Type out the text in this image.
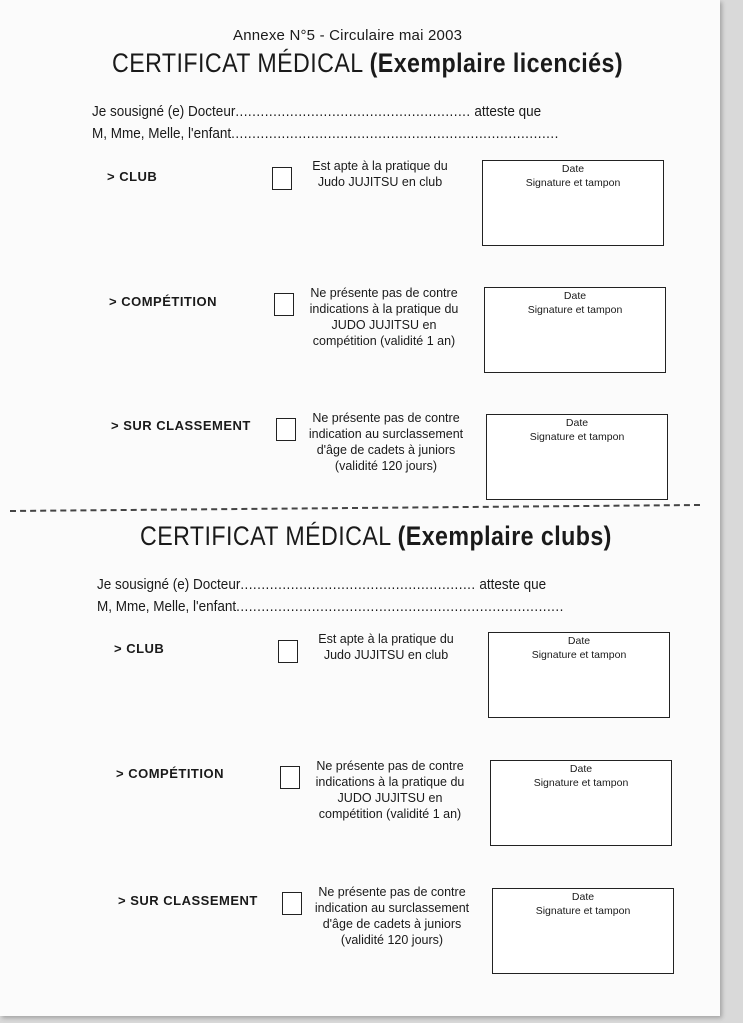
Annexe N°5 - Circulaire mai 2003
CERTIFICAT MÉDICAL (Exemplaire licenciés)
Je sousigné (e) Docteur........................................................ atteste que
M, Mme, Melle, l'enfant..............................................................................
> CLUB
Est apte à la pratique du
Judo JUJITSU en club
Date
Signature et tampon
> COMPÉTITION
Ne présente pas de contre
indications à la pratique du
JUDO JUJITSU en
compétition (validité 1 an)
Date
Signature et tampon
> SUR CLASSEMENT	Ne présente pas de contre
indication au surclassement
d'âge de cadets à juniors
(validité 120 jours)
Date
Signature et tampon
CERTIFICAT MÉDICAL (Exemplaire clubs)
Je sousigné (e) Docteur........................................................ atteste que
M, Mme, Melle, l'enfant..............................................................................
> CLUB
Est apte à la pratique du
Judo JUJITSU en club
Date
Signature et tampon
> COMPÉTITION	Ne présente pas de contre
indications à la pratique du
JUDO JUJITSU en
compétition (validité 1 an)
Date
Signature et tampon
> SUR CLASSEMENT
Ne présente pas de contre
indication au surclassement
d'âge de cadets à juniors
(validité 120 jours)
Date
Signature et tampon
